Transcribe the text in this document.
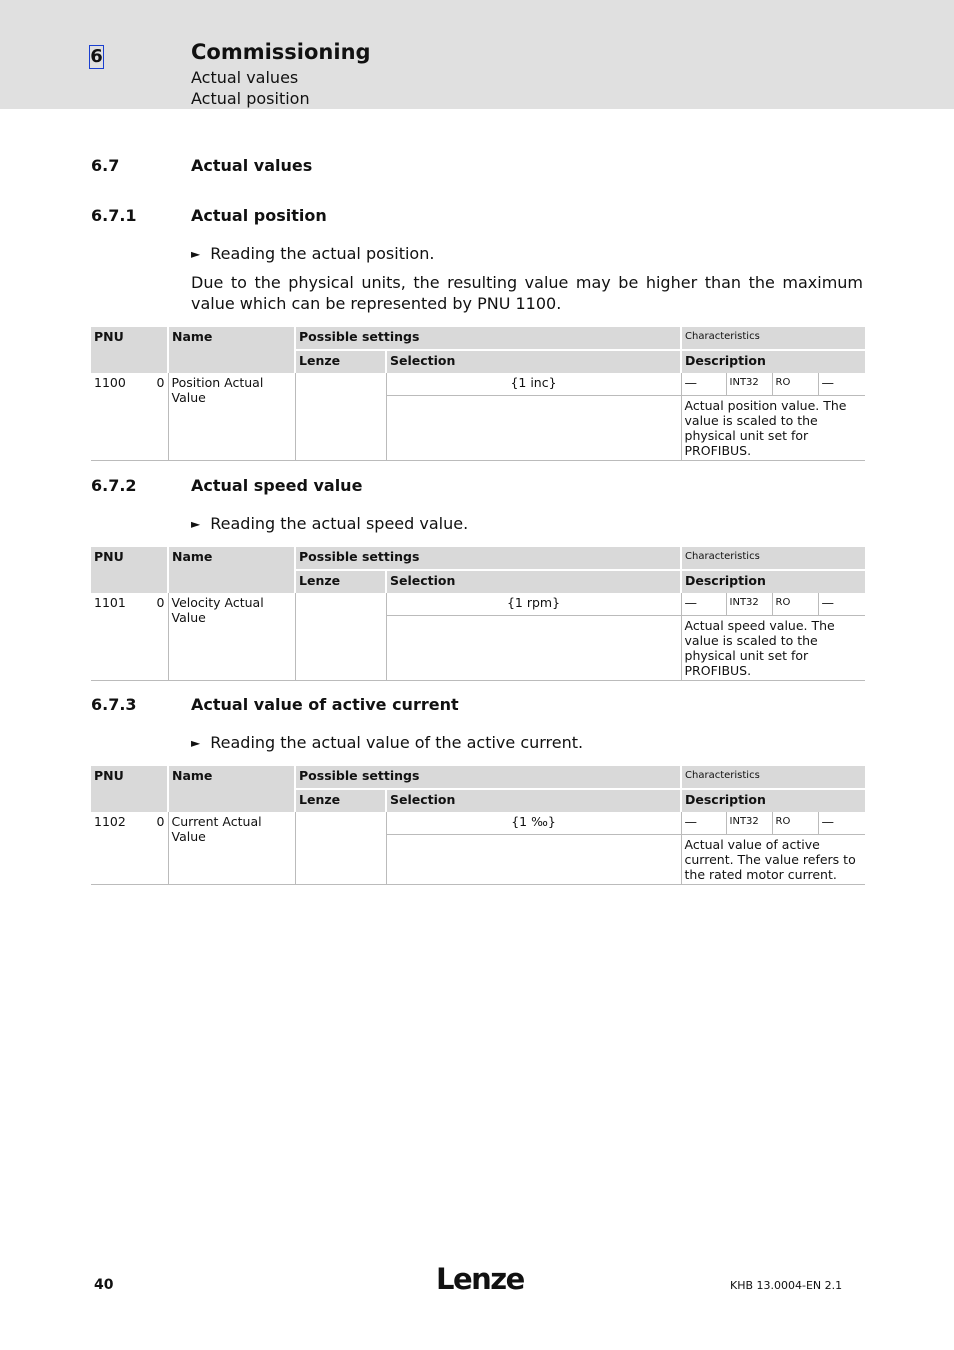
6	Commissioning
Actual values
Actual position
6.7	Actual values
6.7.1	Actual position
► Reading the actual position.
Due to the physical units, the resulting value may be higher than the maximum value which can be represented by PNU 1100.
PNU	Name	Possible settings		Characteristics			
		Lenze	Selection	Description			
1100 0	Position Actual Value		{1 inc}	—	INT32	RO	—
				Actual position value. The value is scaled to the physical unit set for PROFIBUS.			
6.7.2	Actual speed value
► Reading the actual speed value.
PNU	Name	Possible settings		Characteristics			
		Lenze	Selection	Description			
1101 0	Velocity Actual Value		{1 rpm}	—	INT32	RO	—
				Actual speed value. The value is scaled to the physical unit set for PROFIBUS.			
6.7.3	Actual value of active current
► Reading the actual value of the active current.
PNU	Name	Possible settings		Characteristics			
		Lenze	Selection	Description			
1102 0	Current Actual Value		{1 ‰}	—	INT32	RO	—
				Actual value of active current. The value refers to the rated motor current.			
40	Lenze	KHB 13.0004-EN 2.1
